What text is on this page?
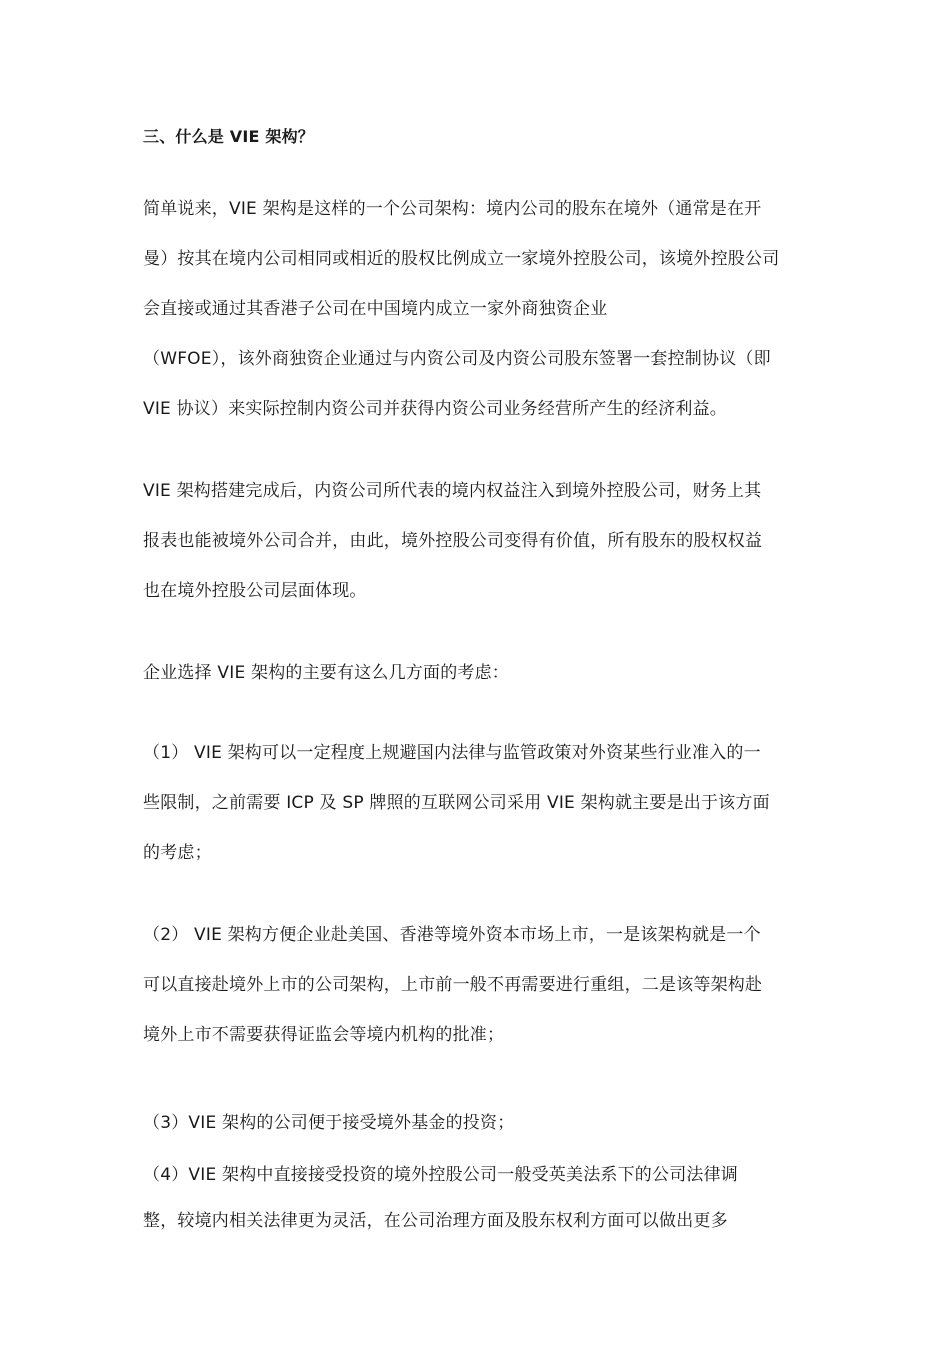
三、什么是 VIE 架构？
简单说来，VIE 架构是这样的一个公司架构：境内公司的股东在境外（通常是在开
曼）按其在境内公司相同或相近的股权比例成立一家境外控股公司，该境外控股公司
会直接或通过其香港子公司在中国境内成立一家外商独资企业
（WFOE），该外商独资企业通过与内资公司及内资公司股东签署一套控制协议（即
VIE 协议）来实际控制内资公司并获得内资公司业务经营所产生的经济利益。
VIE 架构搭建完成后，内资公司所代表的境内权益注入到境外控股公司，财务上其
报表也能被境外公司合并，由此，境外控股公司变得有价值，所有股东的股权权益
也在境外控股公司层面体现。
企业选择 VIE 架构的主要有这么几方面的考虑：
（1） VIE 架构可以一定程度上规避国内法律与监管政策对外资某些行业准入的一
些限制，之前需要 ICP 及 SP 牌照的互联网公司采用 VIE 架构就主要是出于该方面
的考虑；
（2） VIE 架构方便企业赴美国、香港等境外资本市场上市，一是该架构就是一个
可以直接赴境外上市的公司架构，上市前一般不再需要进行重组，二是该等架构赴
境外上市不需要获得证监会等境内机构的批准；
（3）VIE 架构的公司便于接受境外基金的投资；
（4）VIE 架构中直接接受投资的境外控股公司一般受英美法系下的公司法律调
整，较境内相关法律更为灵活，在公司治理方面及股东权利方面可以做出更多
